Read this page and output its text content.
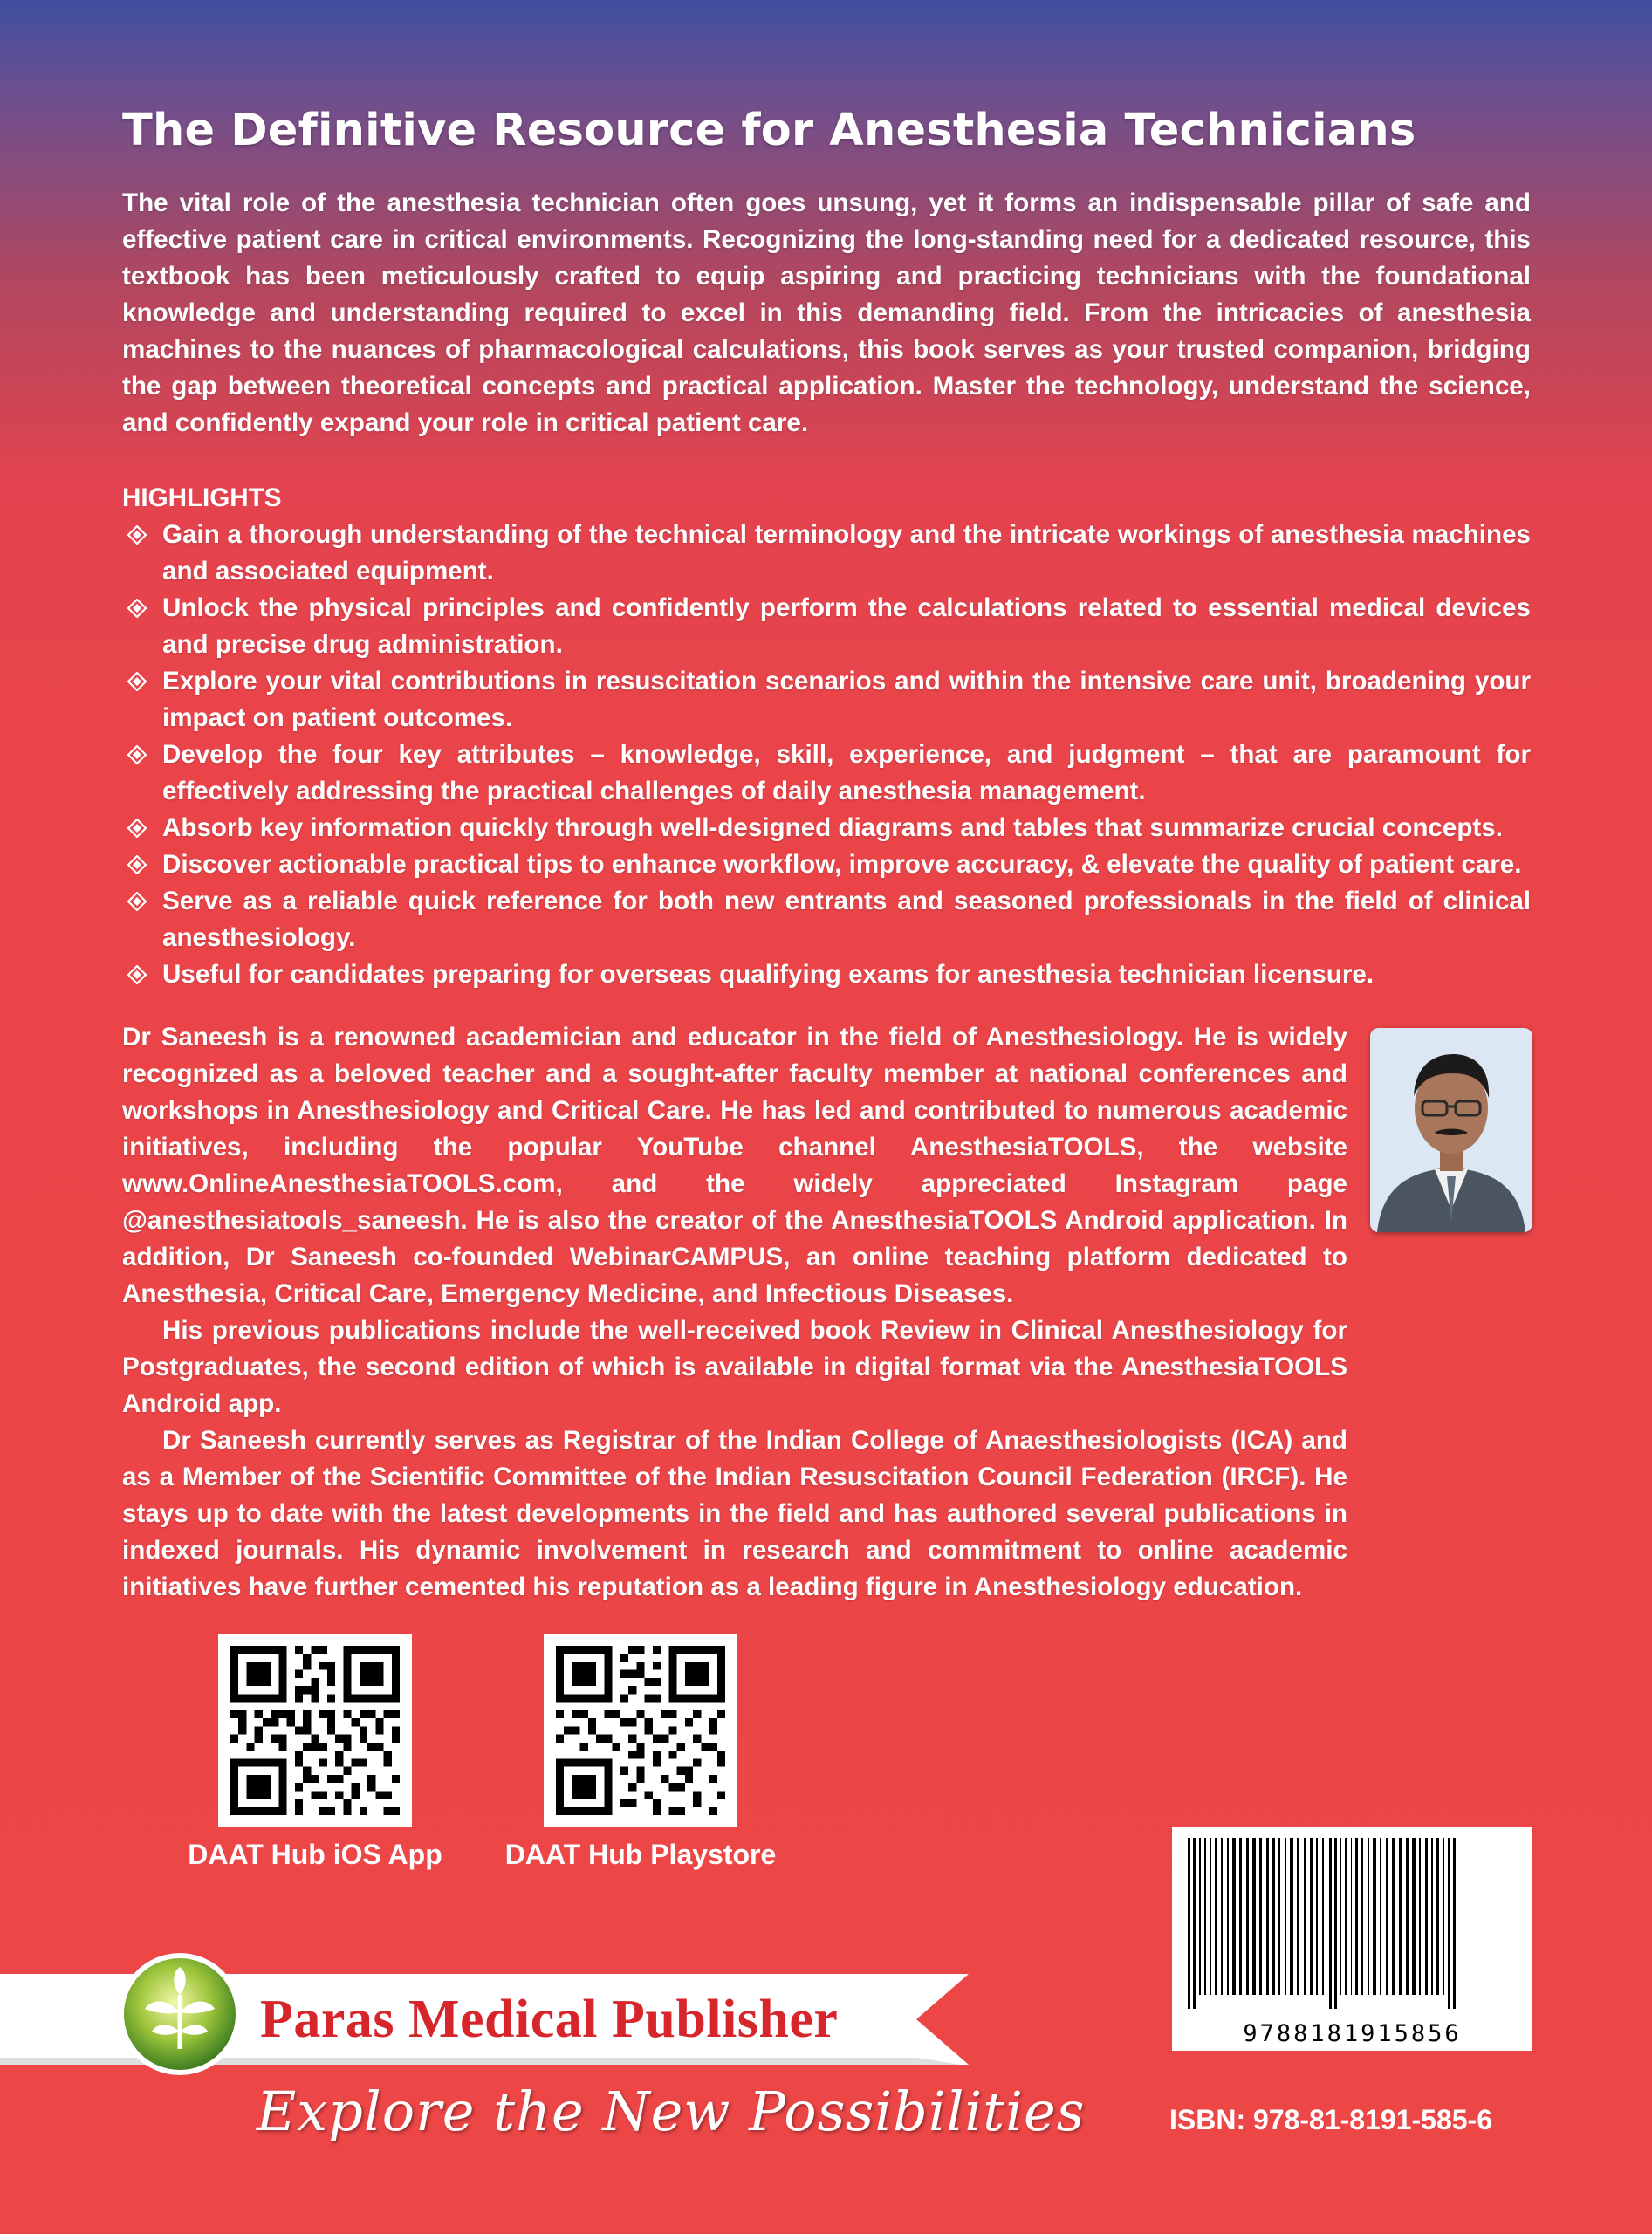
The Definitive Resource for Anesthesia Technicians

The vital role of the anesthesia technician often goes unsung, yet it forms an indispensable pillar of safe and effective patient care in critical environments. Recognizing the long-standing need for a dedicated resource, this textbook has been meticulously crafted to equip aspiring and practicing technicians with the foundational knowledge and understanding required to excel in this demanding field. From the intricacies of anesthesia machines to the nuances of pharmacological calculations, this book serves as your trusted companion, bridging the gap between theoretical concepts and practical application. Master the technology, understand the science, and confidently expand your role in critical patient care.

HIGHLIGHTS
Gain a thorough understanding of the technical terminology and the intricate workings of anesthesia machines and associated equipment.
Unlock the physical principles and confidently perform the calculations related to essential medical devices and precise drug administration.
Explore your vital contributions in resuscitation scenarios and within the intensive care unit, broadening your impact on patient outcomes.
Develop the four key attributes – knowledge, skill, experience, and judgment – that are paramount for effectively addressing the practical challenges of daily anesthesia management.
Absorb key information quickly through well-designed diagrams and tables that summarize crucial concepts.
Discover actionable practical tips to enhance workflow, improve accuracy, & elevate the quality of patient care.
Serve as a reliable quick reference for both new entrants and seasoned professionals in the field of clinical anesthesiology.
Useful for candidates preparing for overseas qualifying exams for anesthesia technician licensure.

Dr Saneesh is a renowned academician and educator in the field of Anesthesiology. He is widely recognized as a beloved teacher and a sought-after faculty member at national conferences and workshops in Anesthesiology and Critical Care. He has led and contributed to numerous academic initiatives, including the popular YouTube channel AnesthesiaTOOLS, the website www.OnlineAnesthesiaTOOLS.com, and the widely appreciated Instagram page @anesthesiatools_saneesh. He is also the creator of the AnesthesiaTOOLS Android application. In addition, Dr Saneesh co-founded WebinarCAMPUS, an online teaching platform dedicated to Anesthesia, Critical Care, Emergency Medicine, and Infectious Diseases.

His previous publications include the well-received book Review in Clinical Anesthesiology for Postgraduates, the second edition of which is available in digital format via the AnesthesiaTOOLS Android app.

Dr Saneesh currently serves as Registrar of the Indian College of Anaesthesiologists (ICA) and as a Member of the Scientific Committee of the Indian Resuscitation Council Federation (IRCF). He stays up to date with the latest developments in the field and has authored several publications in indexed journals. His dynamic involvement in research and commitment to online academic initiatives have further cemented his reputation as a leading figure in Anesthesiology education.

DAAT Hub iOS App	DAAT Hub Playstore
9788181915856
ISBN: 978-81-8191-585-6
Paras Medical Publisher
Explore the New Possibilities
